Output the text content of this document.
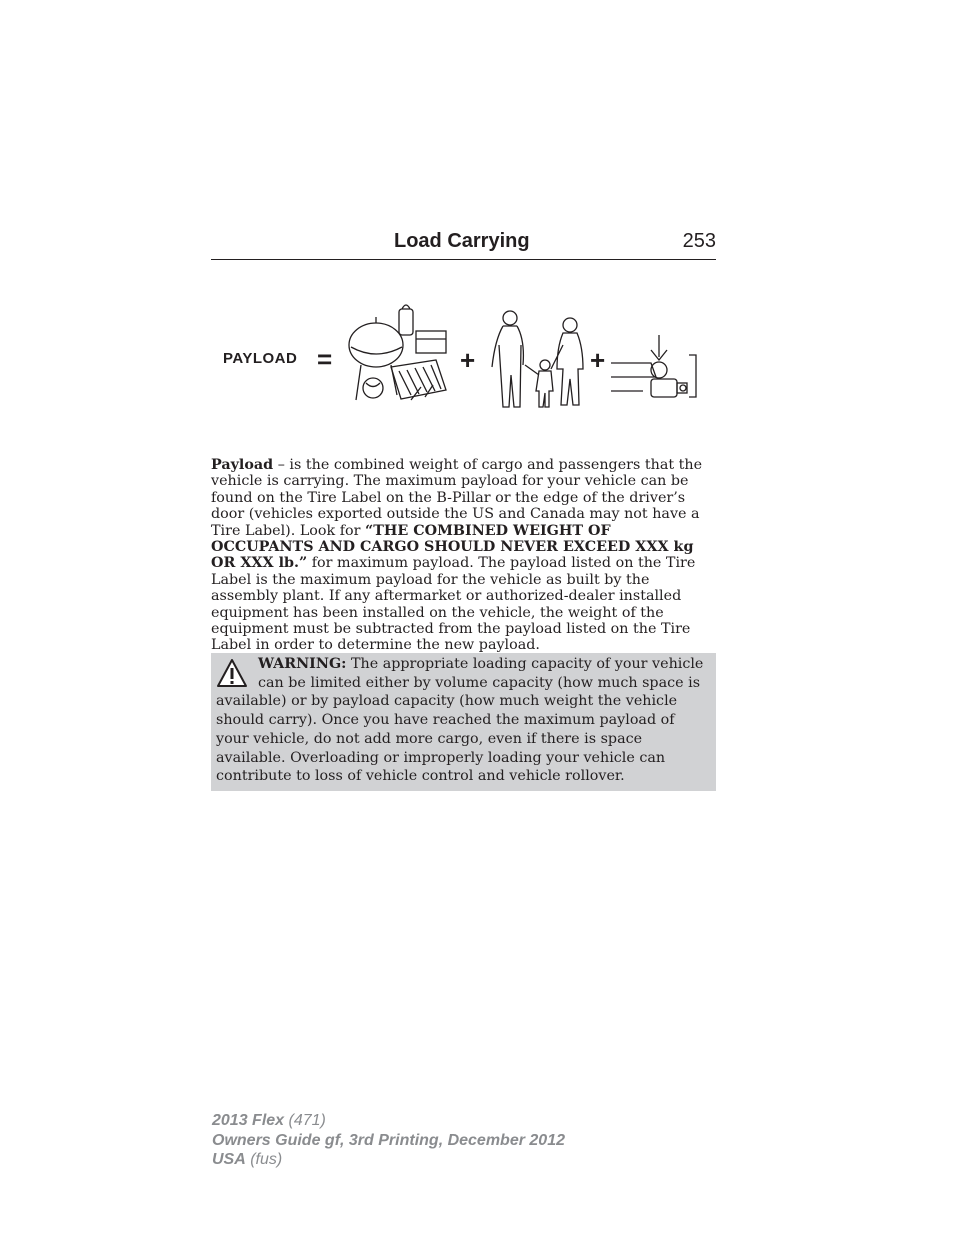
Load Carrying	253
PAYLOAD =	+	+

Payload – is the combined weight of cargo and passengers that the vehicle is carrying. The maximum payload for your vehicle can be found on the Tire Label on the B-Pillar or the edge of the driver’s door (vehicles exported outside the US and Canada may not have a Tire Label). Look for “THE COMBINED WEIGHT OF OCCUPANTS AND CARGO SHOULD NEVER EXCEED XXX kg OR XXX lb.” for maximum payload. The payload listed on the Tire Label is the maximum payload for the vehicle as built by the assembly plant. If any aftermarket or authorized-dealer installed equipment has been installed on the vehicle, the weight of the equipment must be subtracted from the payload listed on the Tire Label in order to determine the new payload.

WARNING: The appropriate loading capacity of your vehicle can be limited either by volume capacity (how much space is available) or by payload capacity (how much weight the vehicle should carry). Once you have reached the maximum payload of your vehicle, do not add more cargo, even if there is space available. Overloading or improperly loading your vehicle can contribute to loss of vehicle control and vehicle rollover.

2013 Flex (471)
Owners Guide gf, 3rd Printing, December 2012
USA (fus)
